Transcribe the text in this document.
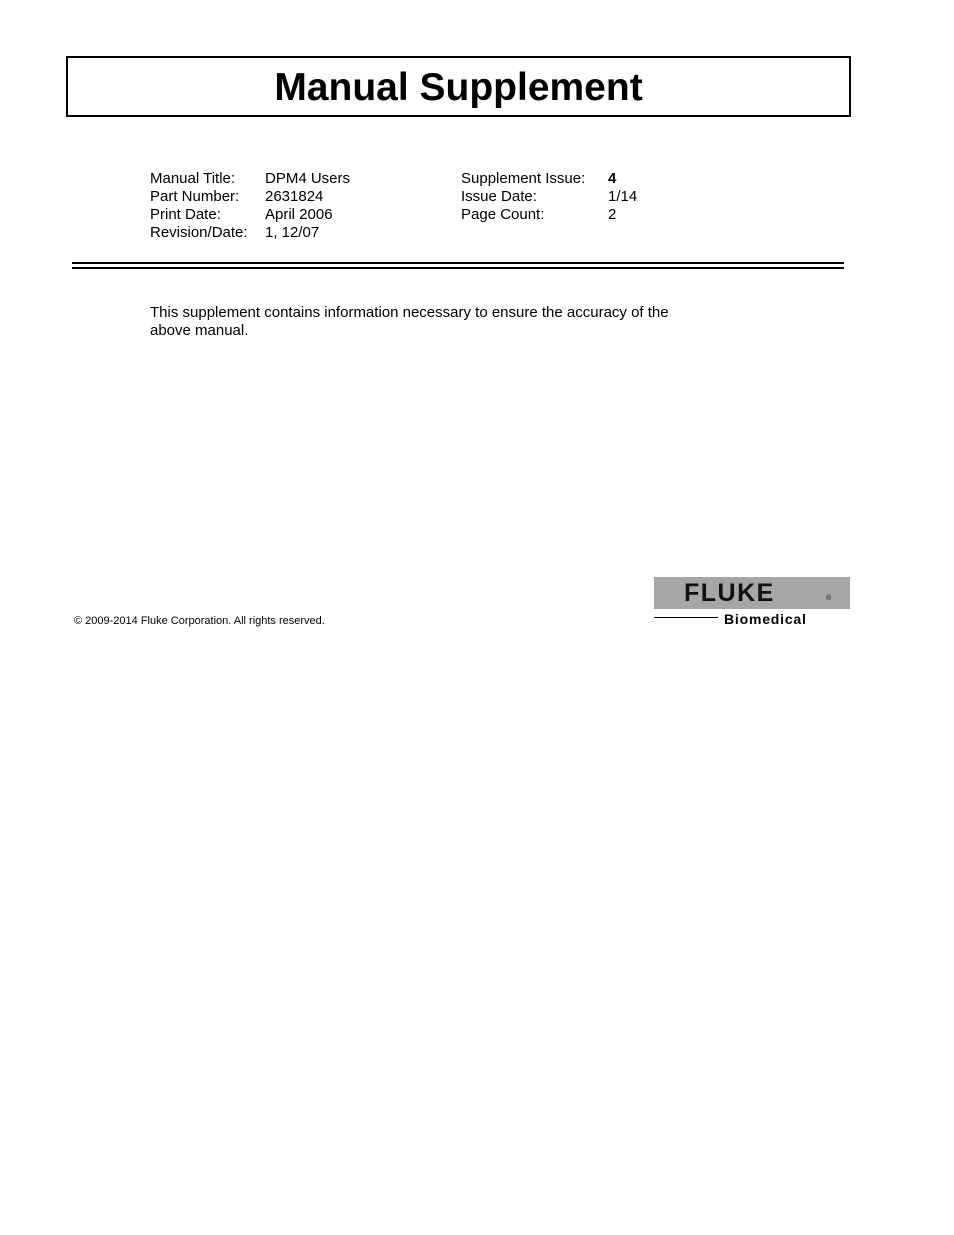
Manual Supplement
Manual Title:	DPM4 Users
Part Number:	2631824
Print Date:	April 2006
Revision/Date:	1, 12/07
Supplement Issue:	4
Issue Date:	1/14
Page Count:	2

This supplement contains information necessary to ensure the accuracy of the above manual.

© 2009-2014 Fluke Corporation. All rights reserved.
FLUKE	®
Biomedical
